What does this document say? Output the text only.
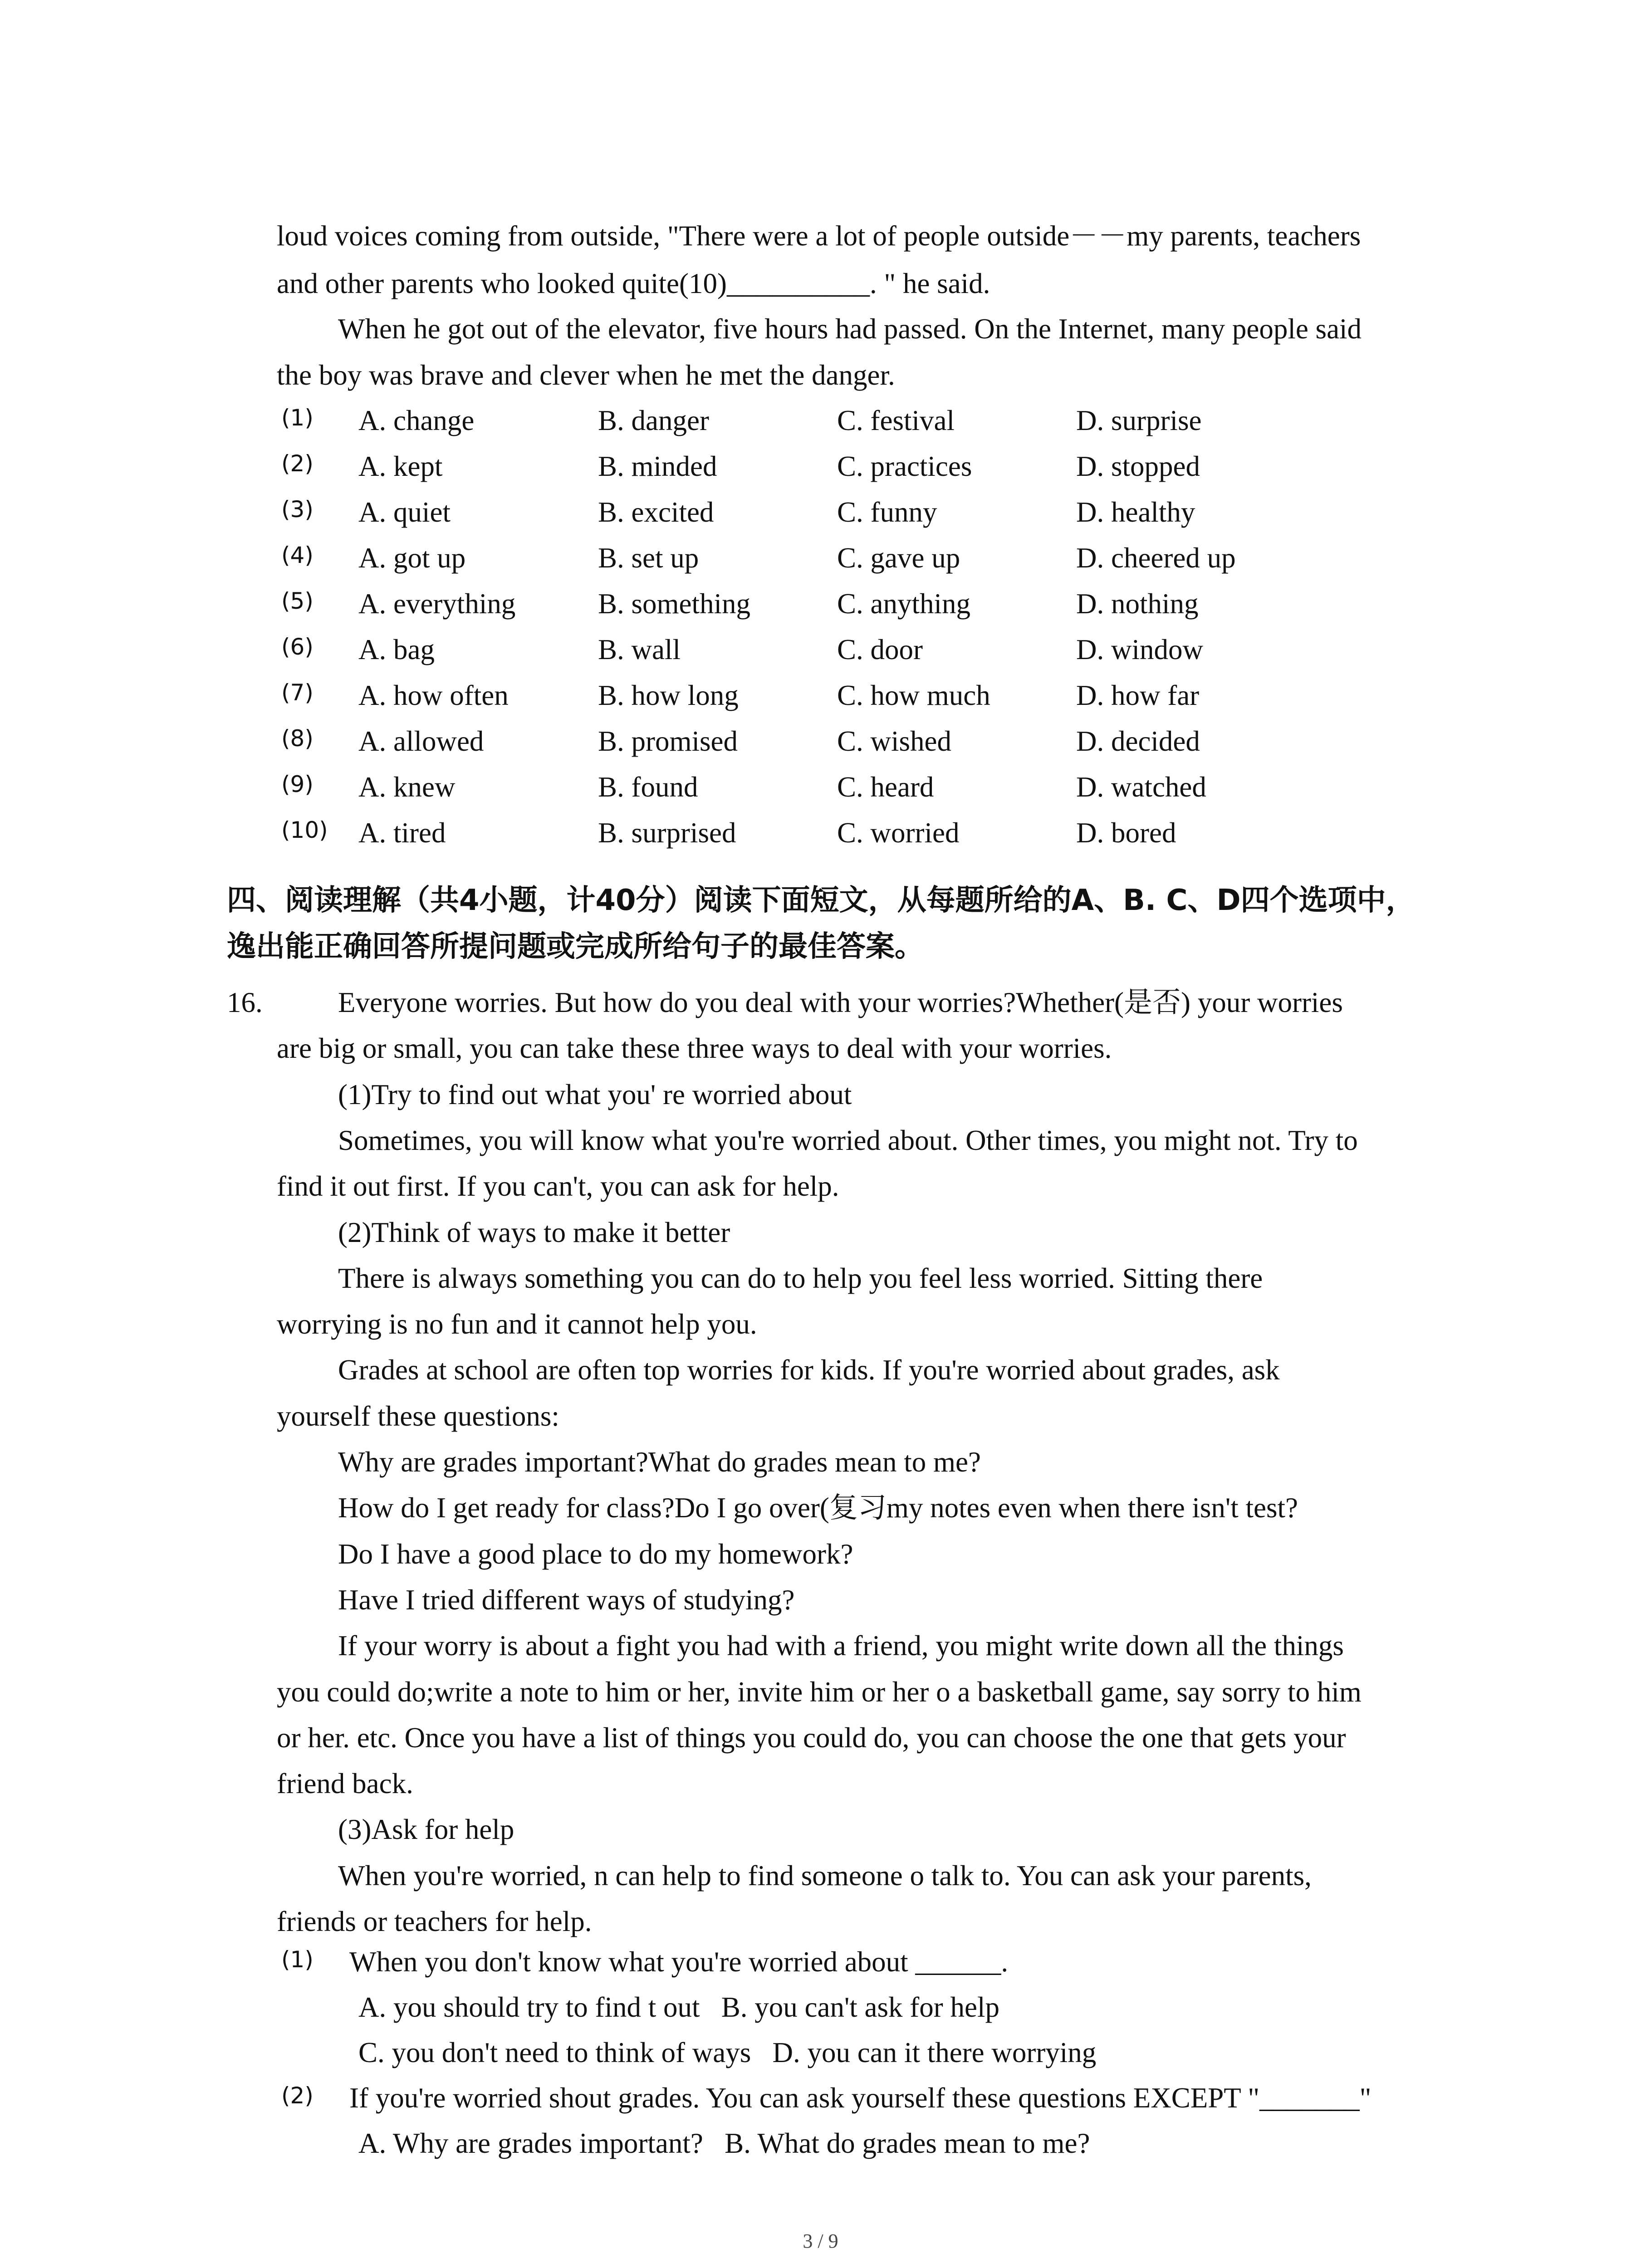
loud voices coming from outside, "There were a lot of people outside－－my parents, teachers
and other parents who looked quite(10)__________. " he said.
When he got out of the elevator, five hours had passed. On the Internet, many people said
the boy was brave and clever when he met the danger.
(1) A. change	B. danger	C. festival	D. surprise
(2) A. kept	B. minded	C. practices	D. stopped
(3) A. quiet	B. excited	C. funny	D. healthy
(4) A. got up	B. set up	C. gave up	D. cheered up
(5) A. everything	B. something	C. anything	D. nothing
(6) A. bag	B. wall	C. door	D. window
(7) A. how often	B. how long	C. how much	D. how far
(8) A. allowed	B. promised	C. wished	D. decided
(9) A. knew	B. found	C. heard	D. watched
(10) A. tired	B. surprised	C. worried	D. bored
四、阅读理解（共4小题，计40分）阅读下面短文，从每题所给的A、B. C、D四个选项中，
逸出能正确回答所提问题或完成所给句子的最佳答案。
16.	Everyone worries. But how do you deal with your worries?Whether(是否) your worries
are big or small, you can take these three ways to deal with your worries.
(1)Try to find out what you' re worried about
Sometimes, you will know what you're worried about. Other times, you might not. Try to
find it out first. If you can't, you can ask for help.
(2)Think of ways to make it better
There is always something you can do to help you feel less worried. Sitting there
worrying is no fun and it cannot help you.
Grades at school are often top worries for kids. If you're worried about grades, ask
yourself these questions:
Why are grades important?What do grades mean to me?
How do I get ready for class?Do I go over(复习my notes even when there isn't test?
Do I have a good place to do my homework?
Have I tried different ways of studying?
If your worry is about a fight you had with a friend, you might write down all the things
you could do;write a note to him or her, invite him or her o a basketball game, say sorry to him
or her. etc. Once you have a list of things you could do, you can choose the one that gets your
friend back.
(3)Ask for help
When you're worried, n can help to find someone o talk to. You can ask your parents,
friends or teachers for help.
(1) When you don't know what you're worried about ______.
A. you should try to find t out   B. you can't ask for help
C. you don't need to think of ways   D. you can it there worrying
(2) If you're worried shout grades. You can ask yourself these questions EXCEPT "_______"
A. Why are grades important?   B. What do grades mean to me?
3 / 9
